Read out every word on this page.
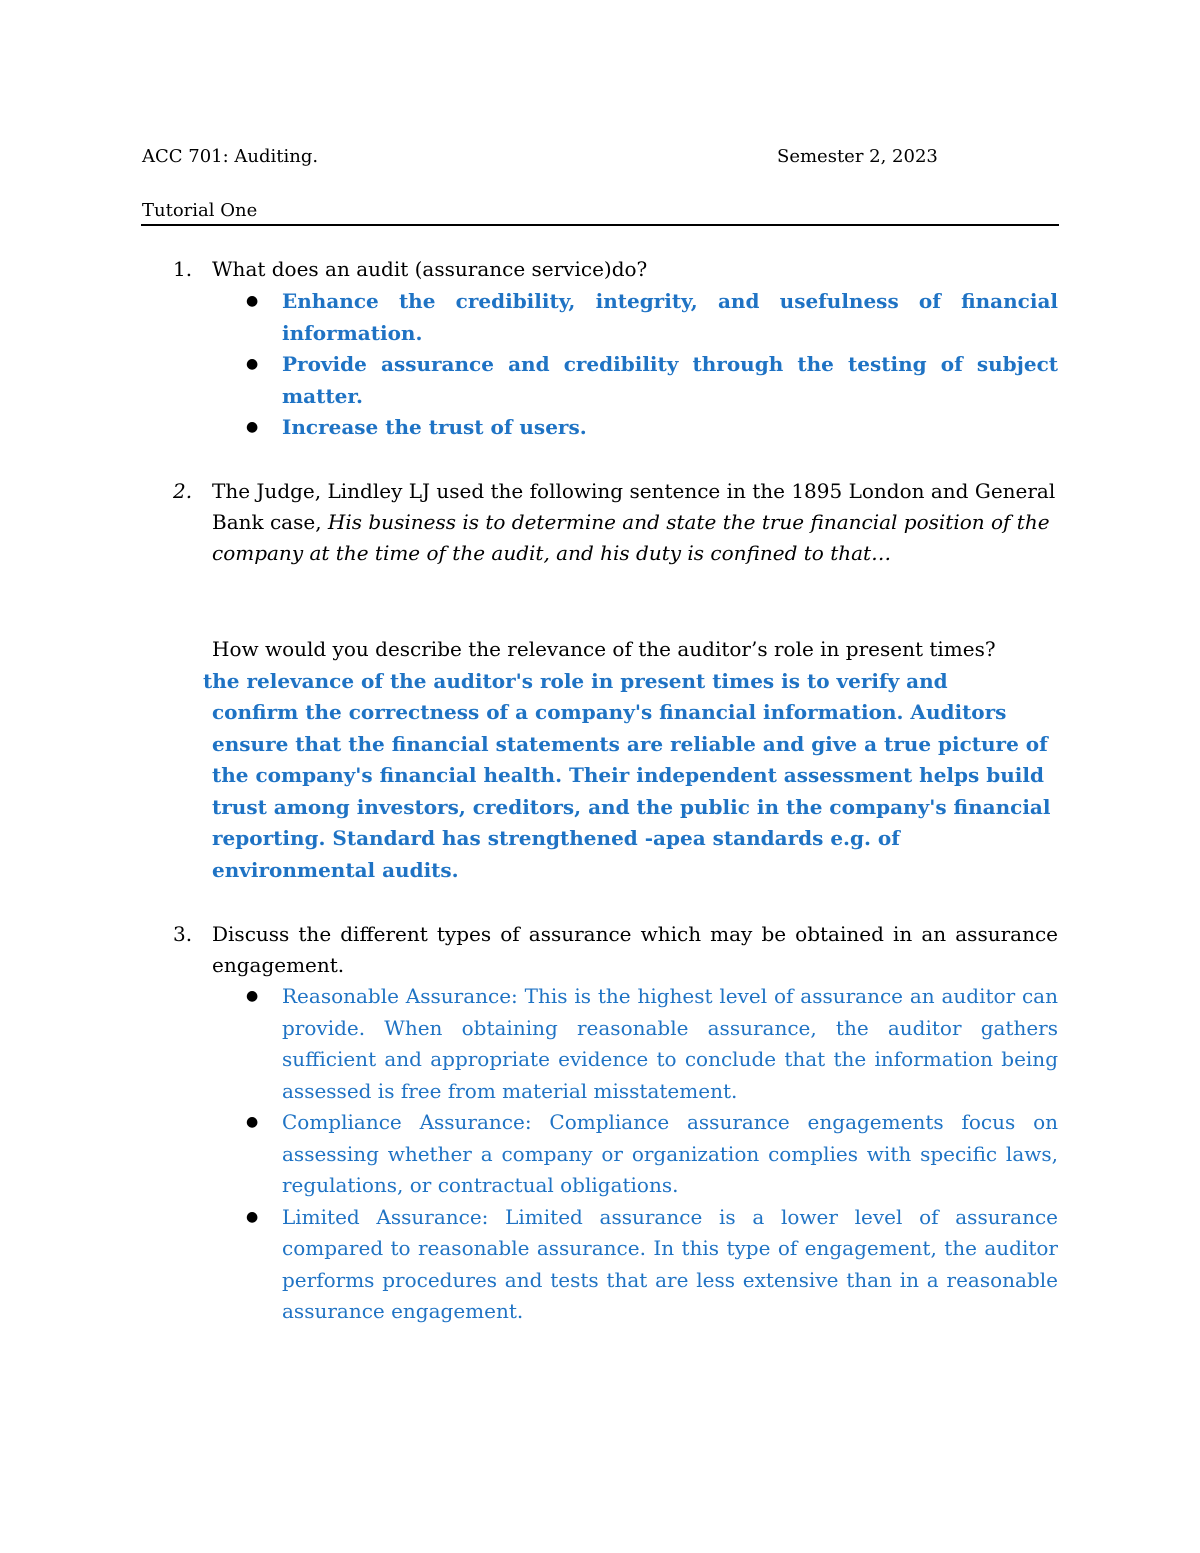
ACC 701: Auditing.	Semester 2, 2023
Tutorial One
1. What does an audit (assurance service)do?
● Enhance the credibility, integrity, and usefulness of financial information.
● Provide assurance and credibility through the testing of subject matter.
● Increase the trust of users.
2. The Judge, Lindley LJ used the following sentence in the 1895 London and General Bank case, His business is to determine and state the true financial position of the company at the time of the audit, and his duty is confined to that…
How would you describe the relevance of the auditor’s role in present times?
the relevance of the auditor's role in present times is to verify and
confirm the correctness of a company's financial information. Auditors ensure that the financial statements are reliable and give a true picture of the company's financial health. Their independent assessment helps build trust among investors, creditors, and the public in the company's financial reporting. Standard has strengthened -apea standards e.g. of environmental audits.
3. Discuss the different types of assurance which may be obtained in an assurance engagement.
● Reasonable Assurance: This is the highest level of assurance an auditor can provide. When obtaining reasonable assurance, the auditor gathers sufficient and appropriate evidence to conclude that the information being assessed is free from material misstatement.
● Compliance Assurance: Compliance assurance engagements focus on assessing whether a company or organization complies with specific laws, regulations, or contractual obligations.
● Limited Assurance: Limited assurance is a lower level of assurance compared to reasonable assurance. In this type of engagement, the auditor performs procedures and tests that are less extensive than in a reasonable assurance engagement.
